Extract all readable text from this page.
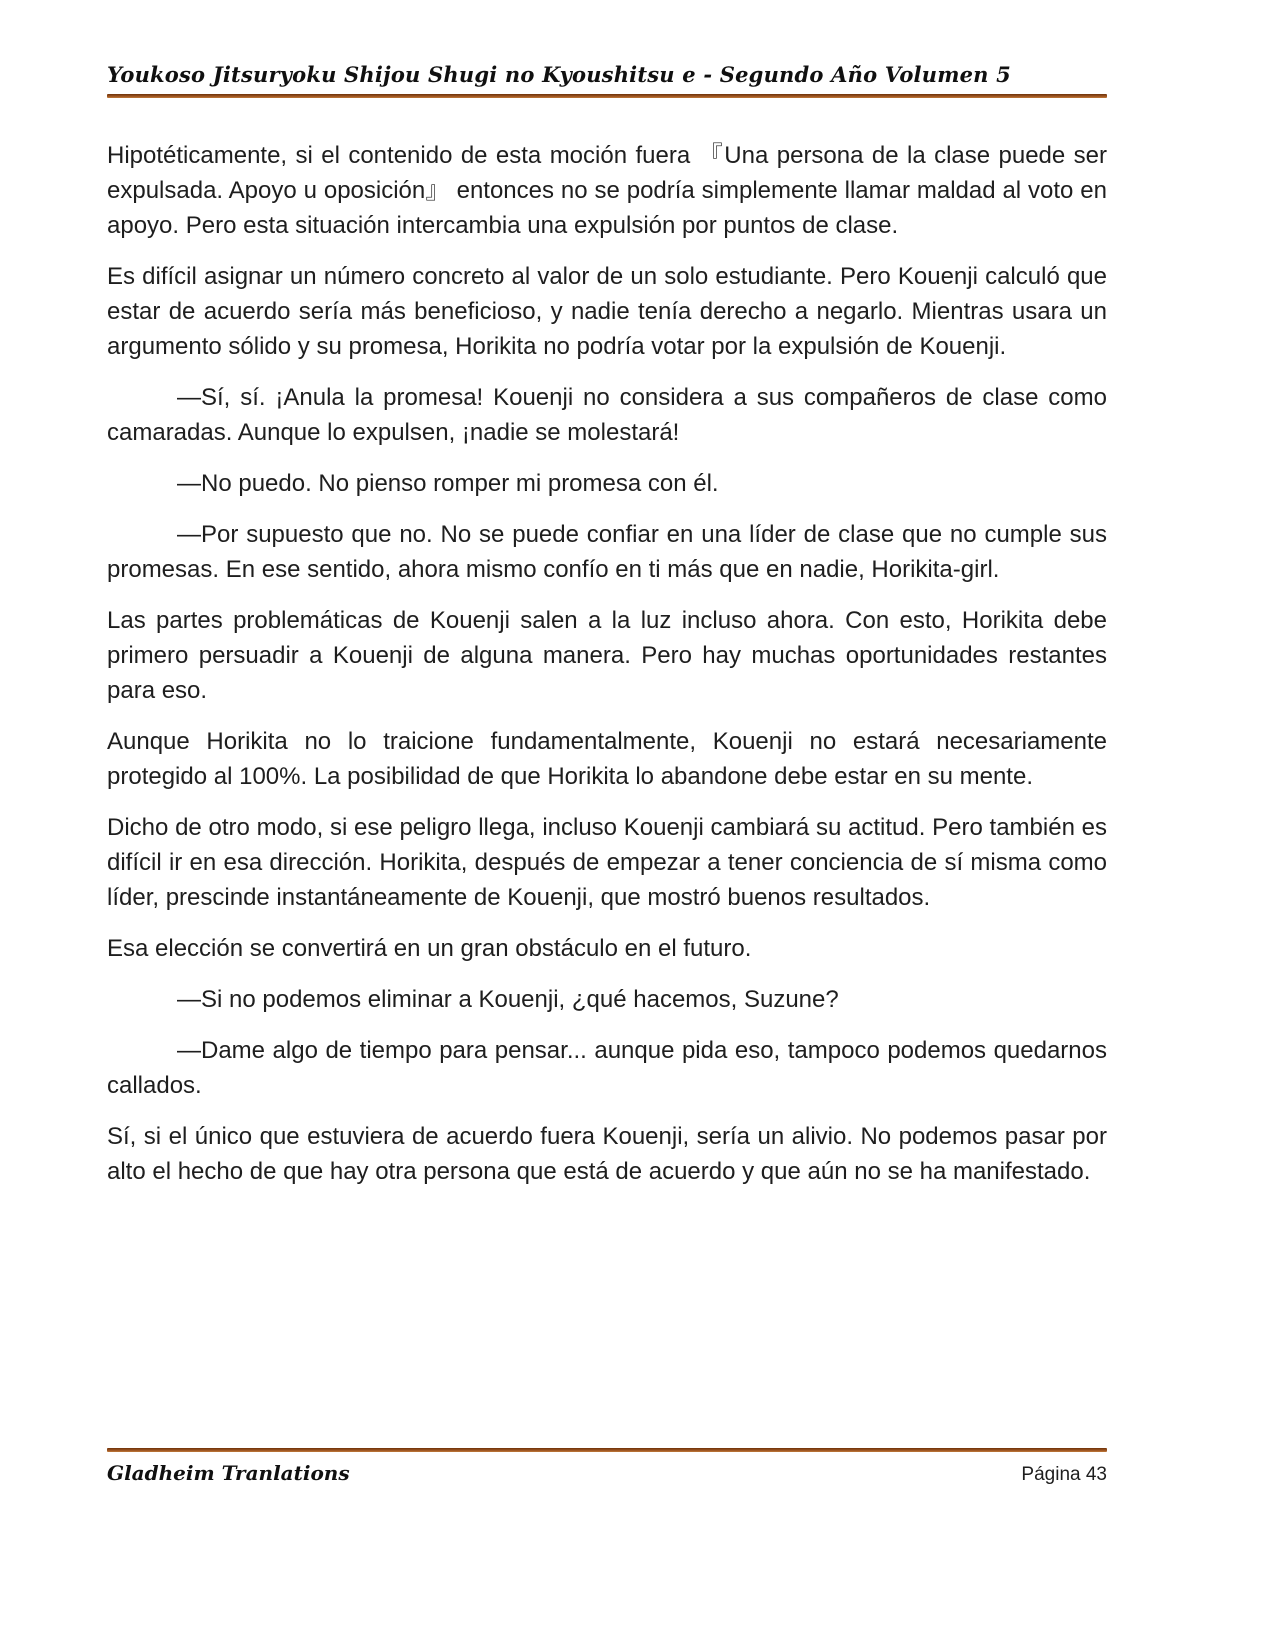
Youkoso Jitsuryoku Shijou Shugi no Kyoushitsu e - Segundo Año Volumen 5

Hipotéticamente, si el contenido de esta moción fuera 『Una persona de la clase puede ser expulsada. Apoyo u oposición』 entonces no se podría simplemente llamar maldad al voto en apoyo. Pero esta situación intercambia una expulsión por puntos de clase.

Es difícil asignar un número concreto al valor de un solo estudiante. Pero Kouenji calculó que estar de acuerdo sería más beneficioso, y nadie tenía derecho a negarlo. Mientras usara un argumento sólido y su promesa, Horikita no podría votar por la expulsión de Kouenji.

—Sí, sí. ¡Anula la promesa! Kouenji no considera a sus compañeros de clase como camaradas. Aunque lo expulsen, ¡nadie se molestará!

—No puedo. No pienso romper mi promesa con él.

—Por supuesto que no. No se puede confiar en una líder de clase que no cumple sus promesas. En ese sentido, ahora mismo confío en ti más que en nadie, Horikita-girl.

Las partes problemáticas de Kouenji salen a la luz incluso ahora. Con esto, Horikita debe primero persuadir a Kouenji de alguna manera. Pero hay muchas oportunidades restantes para eso.

Aunque Horikita no lo traicione fundamentalmente, Kouenji no estará necesariamente protegido al 100%. La posibilidad de que Horikita lo abandone debe estar en su mente.

Dicho de otro modo, si ese peligro llega, incluso Kouenji cambiará su actitud. Pero también es difícil ir en esa dirección. Horikita, después de empezar a tener conciencia de sí misma como líder, prescinde instantáneamente de Kouenji, que mostró buenos resultados.

Esa elección se convertirá en un gran obstáculo en el futuro.

—Si no podemos eliminar a Kouenji, ¿qué hacemos, Suzune?

—Dame algo de tiempo para pensar... aunque pida eso, tampoco podemos quedarnos callados.

Sí, si el único que estuviera de acuerdo fuera Kouenji, sería un alivio. No podemos pasar por alto el hecho de que hay otra persona que está de acuerdo y que aún no se ha manifestado.

Gladheim Tranlations	Página 43
